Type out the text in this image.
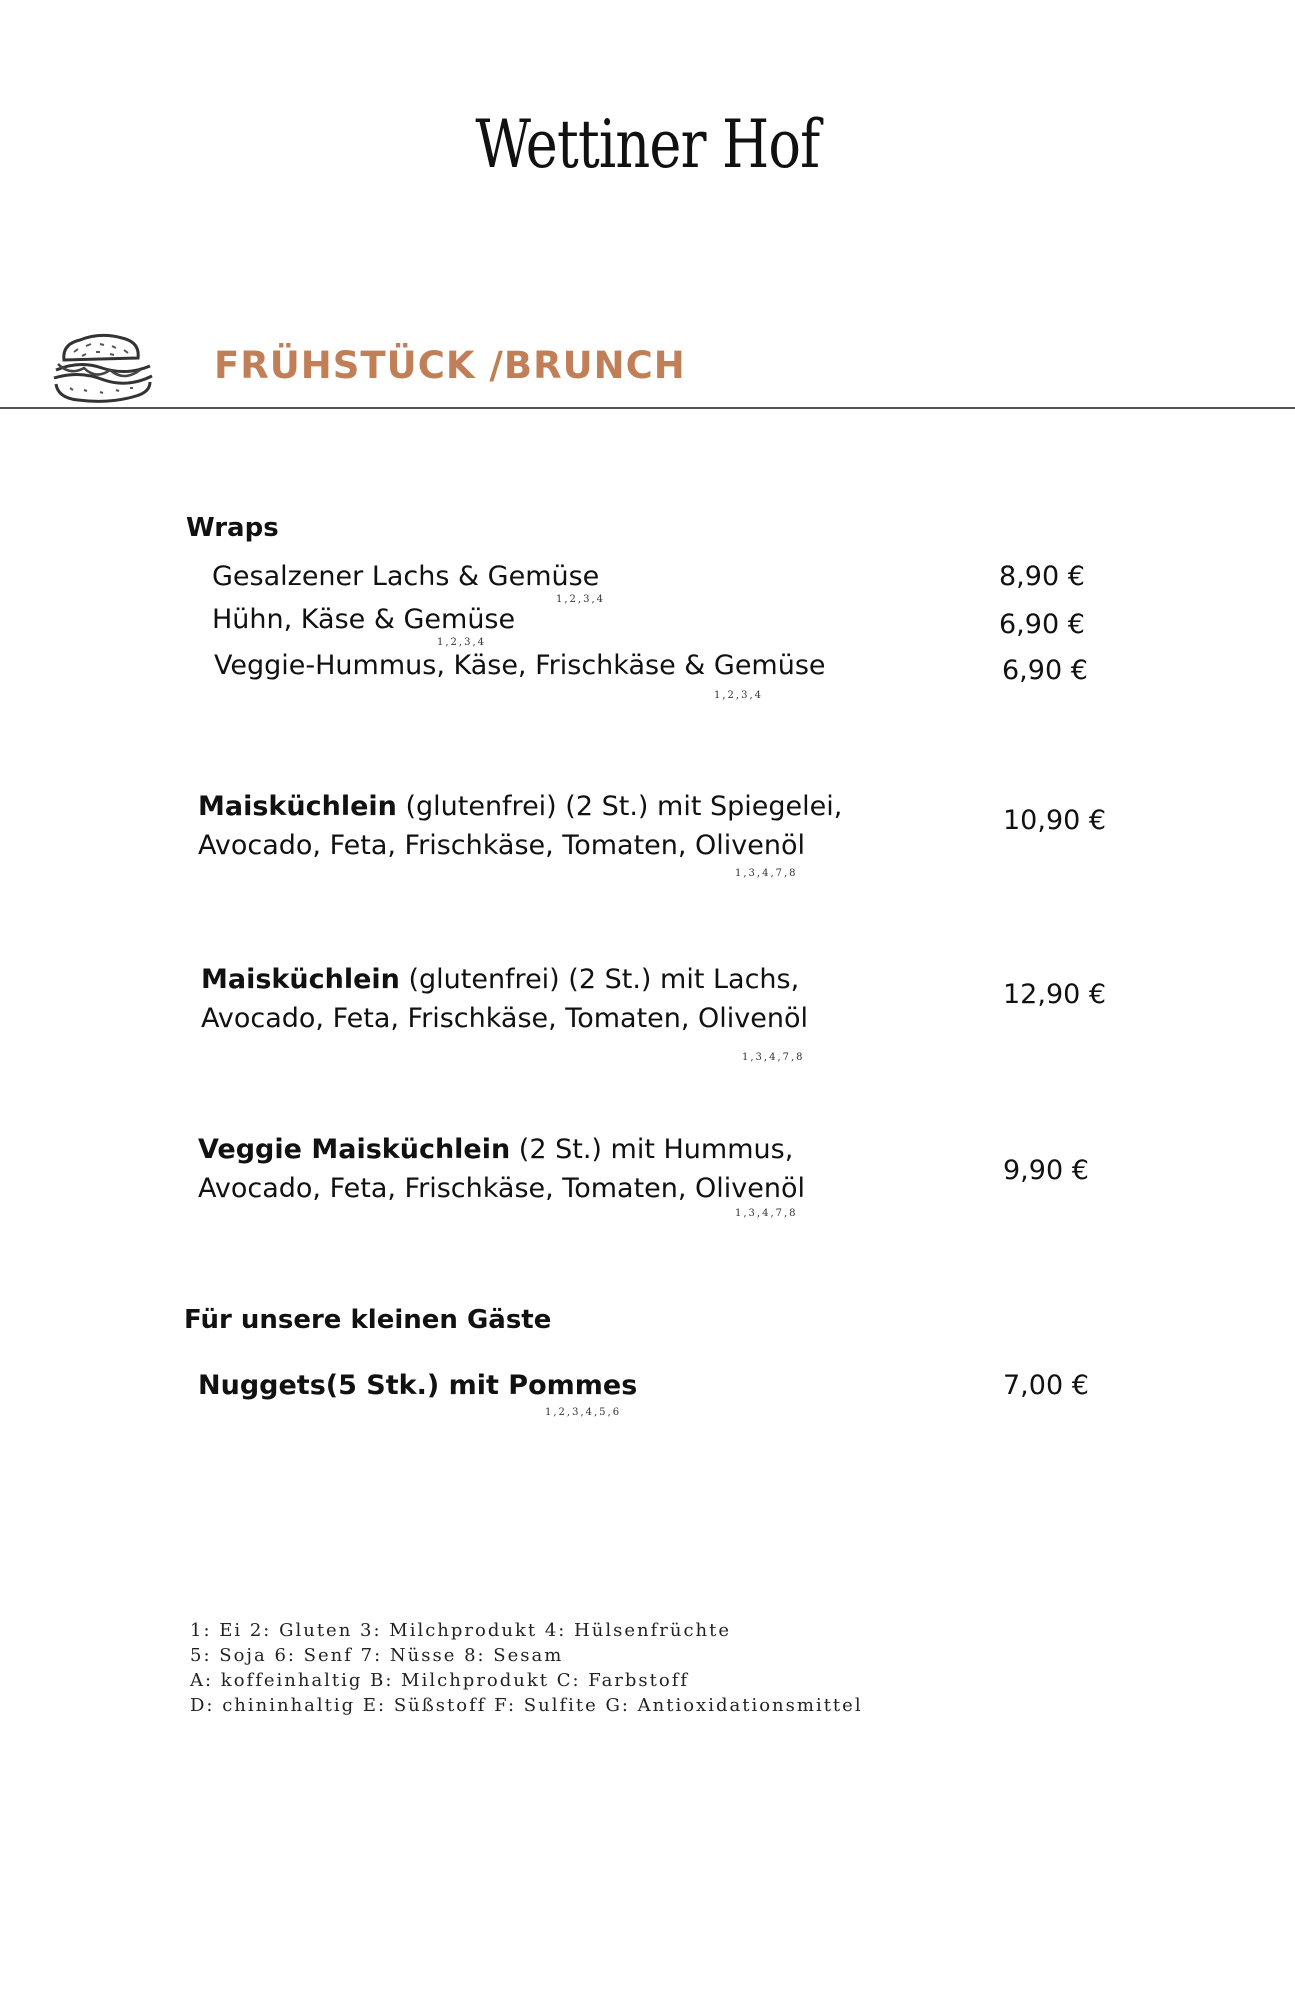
Wettiner Hof
FRÜHSTÜCK /BRUNCH
Wraps
Gesalzener Lachs & Gemüse
1,2,3,4
8,90 €
Hühn, Käse & Gemüse
1,2,3,4
6,90 €
Veggie-Hummus, Käse, Frischkäse & Gemüse
1,2,3,4
6,90 €
Maisküchlein (glutenfrei) (2 St.) mit Spiegelei,
Avocado, Feta, Frischkäse, Tomaten, Olivenöl
1,3,4,7,8
10,90 €
Maisküchlein (glutenfrei) (2 St.) mit Lachs,
Avocado, Feta, Frischkäse, Tomaten, Olivenöl
1,3,4,7,8
12,90 €
Veggie Maisküchlein (2 St.) mit Hummus,
Avocado, Feta, Frischkäse, Tomaten, Olivenöl
1,3,4,7,8
9,90 €
Für unsere kleinen Gäste
Nuggets(5 Stk.) mit Pommes
1,2,3,4,5,6
7,00 €
1: Ei 2: Gluten 3: Milchprodukt 4: Hülsenfrüchte
5: Soja 6: Senf 7: Nüsse 8: Sesam
A: koffeinhaltig B: Milchprodukt C: Farbstoff
D: chininhaltig E: Süßstoff F: Sulfite G: Antioxidationsmittel
